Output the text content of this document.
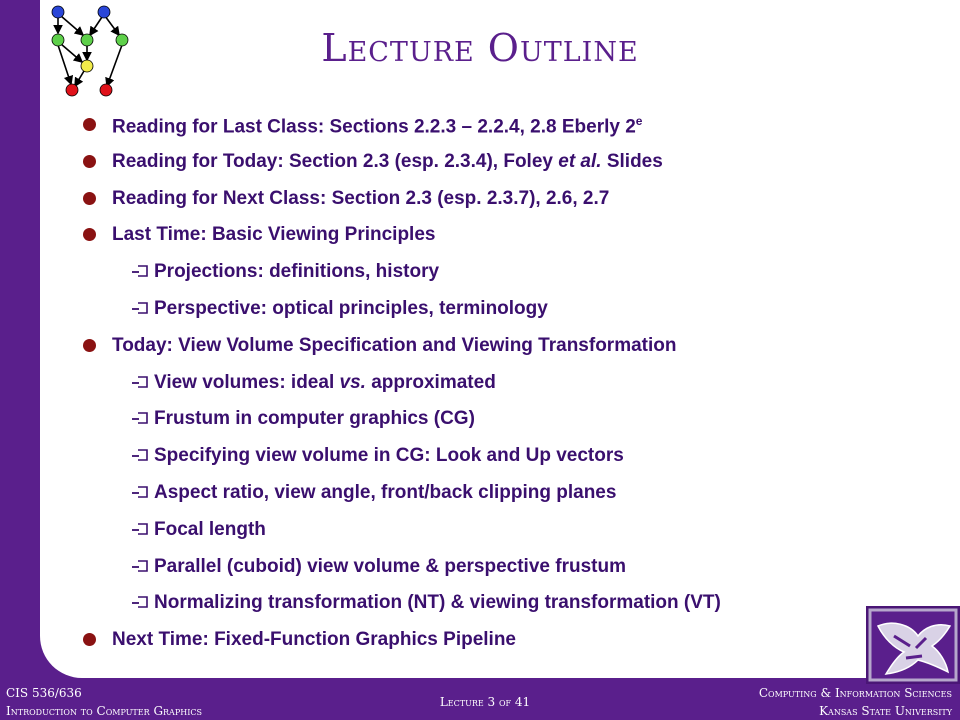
Lecture Outline
Reading for Last Class: Sections 2.2.3 – 2.2.4, 2.8 Eberly 2e
Reading for Today: Section 2.3 (esp. 2.3.4), Foley et al. Slides
Reading for Next Class: Section 2.3 (esp. 2.3.7), 2.6, 2.7
Last Time: Basic Viewing Principles
Projections: definitions, history
Perspective: optical principles, terminology
Today: View Volume Specification and Viewing Transformation
View volumes: ideal vs. approximated
Frustum in computer graphics (CG)
Specifying view volume in CG: Look and Up vectors
Aspect ratio, view angle, front/back clipping planes
Focal length
Parallel (cuboid) view volume & perspective frustum
Normalizing transformation (NT) & viewing transformation (VT)
Next Time: Fixed-Function Graphics Pipeline
CIS 536/636
Introduction to Computer Graphics
Lecture 3 of 41
Computing & Information Sciences
Kansas State University
